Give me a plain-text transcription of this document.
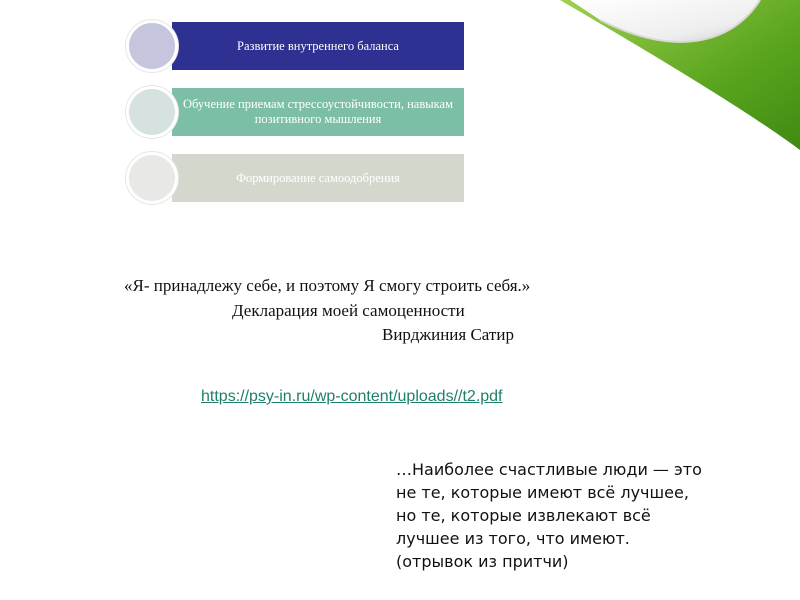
Развитие внутреннего баланса
Обучение приемам стрессоустойчивости, навыкам позитивного мышления
Формирование самоодобрения
«Я- принадлежу себе, и поэтому Я смогу строить себя.»
Декларация моей самоценности
Вирджиния Сатир
https://psy-in.ru/wp-content/uploads//t2.pdf
…Наиболее счастливые люди — это
не те, которые имеют всё лучшее,
но те, которые извлекают всё
лучшее из того, что имеют.
(отрывок из притчи)
